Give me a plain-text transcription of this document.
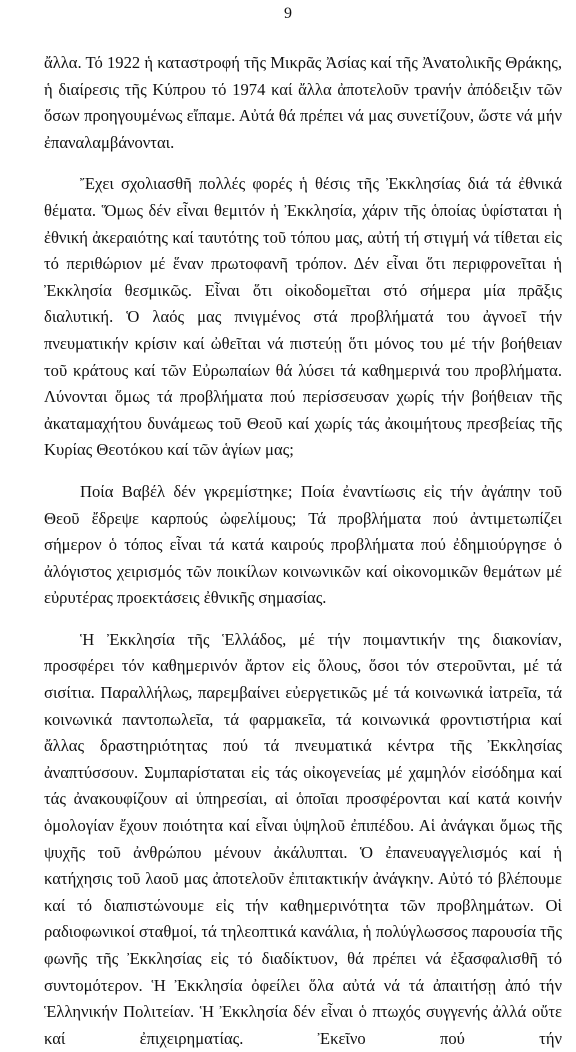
9

ἄλλα. Τό 1922 ἡ καταστροφή τῆς Μικρᾶς Ἀσίας καί τῆς Ἀνατολικῆς Θράκης, ἡ διαίρεσις τῆς Κύπρου τό 1974 καί ἄλλα ἀποτελοῦν τρανήν ἀπόδειξιν τῶν ὅσων προηγουμένως εἴπαμε. Αὐτά θά πρέπει νά μας συνετίζουν, ὥστε νά μήν ἐπαναλαμβάνονται.

Ἔχει σχολιασθῆ πολλές φορές ἡ θέσις τῆς Ἐκκλησίας διά τά ἐθνικά θέματα. Ὅμως δέν εἶναι θεμιτόν ἡ Ἐκκλησία, χάριν τῆς ὁποίας ὑφίσταται ἡ ἐθνική ἀκεραιότης καί ταυτότης τοῦ τόπου μας, αὐτή τή στιγμή νά τίθεται εἰς τό περιθώριον μέ ἕναν πρωτοφανῆ τρόπον. Δέν εἶναι ὅτι περιφρονεῖται ἡ Ἐκκλησία θεσμικῶς. Εἶναι ὅτι οἰκοδομεῖται στό σήμερα μία πρᾶξις διαλυτική. Ὁ λαός μας πνιγμένος στά προβλήματά του ἀγνοεῖ τήν πνευματικήν κρίσιν καί ὠθεῖται νά πιστεύῃ ὅτι μόνος του μέ τήν βοήθειαν τοῦ κράτους καί τῶν Εὐρωπαίων θά λύσει τά καθημερινά του προβλήματα. Λύνονται ὅμως τά προβλήματα πού περίσσευσαν χωρίς τήν βοήθειαν τῆς ἀκαταμαχήτου δυνάμεως τοῦ Θεοῦ καί χωρίς τάς ἀκοιμήτους πρεσβείας τῆς Κυρίας Θεοτόκου καί τῶν ἁγίων μας;

Ποία Βαβέλ δέν γκρεμίστηκε; Ποία ἐναντίωσις εἰς τήν ἀγάπην τοῦ Θεοῦ ἔδρεψε καρπούς ὠφελίμους; Τά προβλήματα πού ἀντιμετωπίζει σήμερον ὁ τόπος εἶναι τά κατά καιρούς προβλήματα πού ἐδημιούργησε ὁ ἀλόγιστος χειρισμός τῶν ποικίλων κοινωνικῶν καί οἰκονομικῶν θεμάτων μέ εὐρυτέρας προεκτάσεις ἐθνικῆς σημασίας.

Ἡ Ἐκκλησία τῆς Ἑλλάδος, μέ τήν ποιμαντικήν της διακονίαν, προσφέρει τόν καθημερινόν ἄρτον εἰς ὅλους, ὅσοι τόν στεροῦνται, μέ τά σισίτια. Παραλλήλως, παρεμβαίνει εὐεργετικῶς μέ τά κοινωνικά ἰατρεῖα, τά κοινωνικά παντοπωλεῖα, τά φαρμακεῖα, τά κοινωνικά φροντιστήρια καί ἄλλας δραστηριότητας πού τά πνευματικά κέντρα τῆς Ἐκκλησίας ἀναπτύσσουν. Συμπαρίσταται εἰς τάς οἰκογενείας μέ χαμηλόν εἰσόδημα καί τάς ἀνακουφίζουν αἱ ὑπηρεσίαι, αἱ ὁποῖαι προσφέρονται καί κατά κοινήν ὁμολογίαν ἔχουν ποιότητα καί εἶναι ὑψηλοῦ ἐπιπέδου. Αἱ ἀνάγκαι ὅμως τῆς ψυχῆς τοῦ ἀνθρώπου μένουν ἀκάλυπται. Ὁ ἐπανευαγγελισμός καί ἡ κατήχησις τοῦ λαοῦ μας ἀποτελοῦν ἐπιτακτικήν ἀνάγκην. Αὐτό τό βλέπουμε καί τό διαπιστώνουμε εἰς τήν καθημερινότητα τῶν προβλημάτων. Οἱ ραδιοφωνικοί σταθμοί, τά τηλεοπτικά κανάλια, ἡ πολύγλωσσος παρουσία τῆς φωνῆς τῆς Ἐκκλησίας εἰς τό διαδίκτυον, θά πρέπει νά ἐξασφαλισθῆ τό συντομότερον. Ἡ Ἐκκλησία ὀφείλει ὅλα αὐτά νά τά ἀπαιτήσῃ ἀπό τήν Ἑλληνικήν Πολιτείαν. Ἡ Ἐκκλησία δέν εἶναι ὁ πτωχός συγγενής ἀλλά οὔτε καί ἐπιχειρηματίας. Ἐκεῖνο πού τήν
